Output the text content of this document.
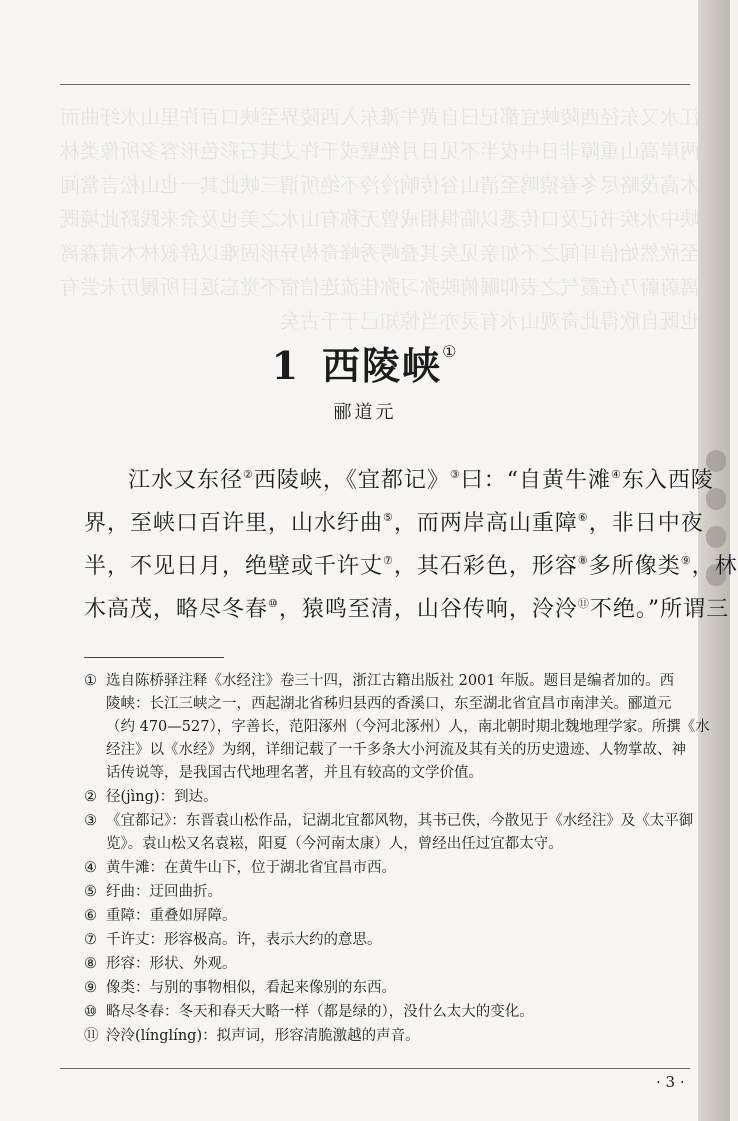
江水又东径西陵峡宜都记曰自黄牛滩东入西陵界至峡口百许里山水纡曲而两岸高山重障非日中夜半不见日月绝壁或千许丈其石彩色形容多所像类林木高茂略尽冬春猿鸣至清山谷传响泠泠不绝所谓三峡此其一也山松言常闻峡中水疾书记及口传悉以临惧相戒曾无称有山水之美也及余来践跻此境既至欣然始信耳闻之不如亲见矣其叠崿秀峰奇构异形固难以辞叙林木萧森离离蔚蔚乃在霞气之表仰瞩俯映弥习弥佳流连信宿不觉忘返目所履历未尝有也既自欣得此奇观山水有灵亦当惊知己于千古矣
1 西陵峡①
郦道元
江水又东径②西陵峡，《宜都记》③曰：“自黄牛滩④东入西陵
界，至峡口百许里，山水纡曲⑤，而两岸高山重障⑥，非日中夜
半，不见日月，绝壁或千许丈⑦，其石彩色，形容⑧多所像类⑨，林
木高茂，略尽冬春⑩，猿鸣至清，山谷传响，泠泠⑪不绝。”所谓三
① 选自陈桥驿注释《水经注》卷三十四，浙江古籍出版社 2001 年版。题目是编者加的。西
陵峡：长江三峡之一，西起湖北省秭归县西的香溪口，东至湖北省宜昌市南津关。郦道元
（约 470—527），字善长，范阳涿州（今河北涿州）人，南北朝时期北魏地理学家。所撰《水
经注》以《水经》为纲，详细记载了一千多条大小河流及其有关的历史遗迹、人物掌故、神
话传说等，是我国古代地理名著，并且有较高的文学价值。
② 径(jìng)：到达。
③ 《宜都记》：东晋袁山松作品，记湖北宜都风物，其书已佚，今散见于《水经注》及《太平御
览》。袁山松又名袁崧，阳夏（今河南太康）人，曾经出任过宜都太守。
④ 黄牛滩：在黄牛山下，位于湖北省宜昌市西。
⑤ 纡曲：迂回曲折。
⑥ 重障：重叠如屏障。
⑦ 千许丈：形容极高。许，表示大约的意思。
⑧ 形容：形状、外观。
⑨ 像类：与别的事物相似，看起来像别的东西。
⑩ 略尽冬春：冬天和春天大略一样（都是绿的），没什么太大的变化。
⑪ 泠泠(línglíng)：拟声词，形容清脆激越的声音。
· 3 ·
